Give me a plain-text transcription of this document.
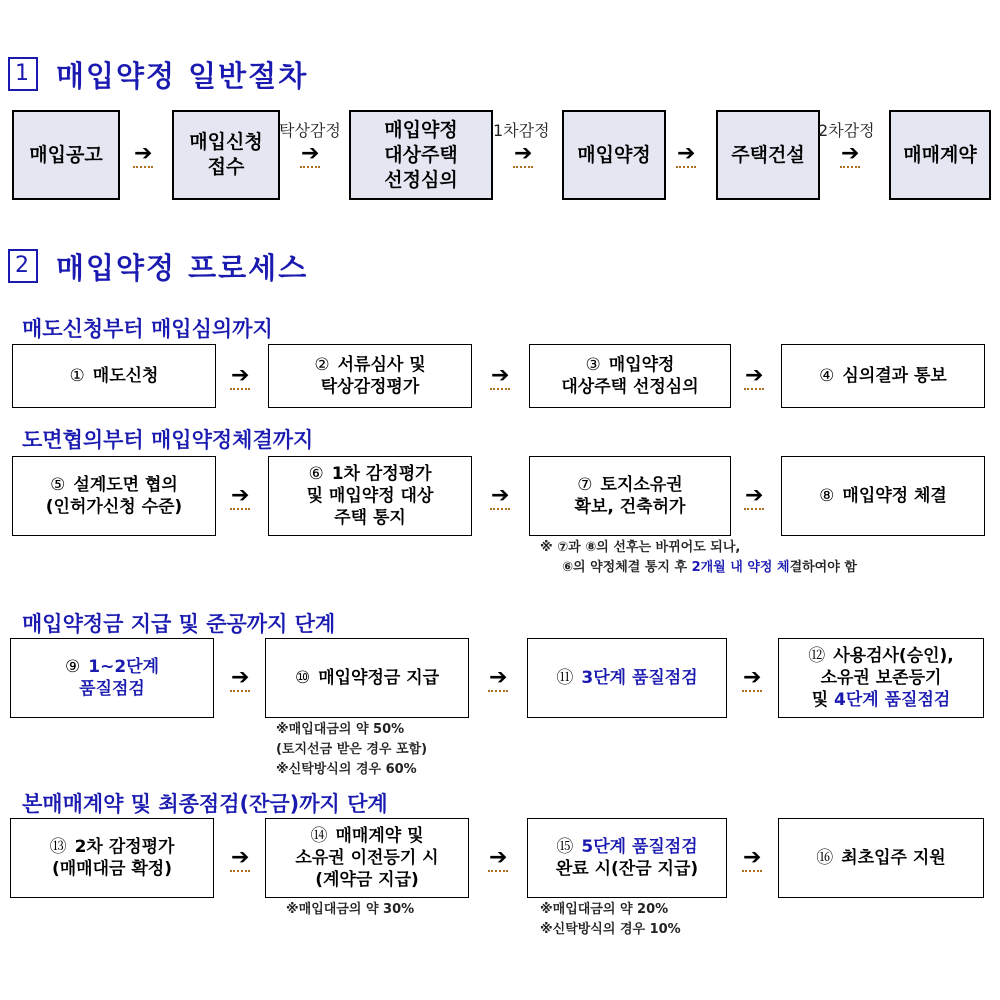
1 매입약정 일반절차
매입공고 ➔ 매입신청
접수
탁상감정
➔
매입약정
대상주택
선정심의
1차감정
➔ 매입약정 ➔ 주택건설
2차감정
➔ 매매계약
2 매입약정 프로세스
매도신청부터 매입심의까지
① 매도신청	➔	② 서류심사 및
탁상감정평가	➔	③ 매입약정
대상주택 선정심의 ➔	④ 심의결과 통보
도면협의부터 매입약정체결까지
⑤ 설계도면 협의
(인허가신청 수준) ➔
⑥ 1차 감정평가
및 매입약정 대상
주택 통지
➔	⑦ 토지소유권
확보, 건축허가	➔	⑧ 매입약정 체결
※ ⑦과 ⑧의 선후는 바뀌어도 되나,
⑥의 약정체결 통지 후 2개월 내 약정 체결하여야 함
매입약정금 지급 및 준공까지 단계
⑨ 1~2단계
품질점검	➔	⑩ 매입약정금 지급 ➔	⑪ 3단계 품질점검 ➔
⑫ 사용검사(승인),
소유권 보존등기
및 4단계 품질점검
※매입대금의 약 50%
(토지선금 받은 경우 포함)
※신탁방식의 경우 60%
본매매계약 및 최종점검(잔금)까지 단계
⑬ 2차 감정평가
(매매대금 확정)	➔
⑭ 매매계약 및
소유권 이전등기 시
(계약금 지급)
➔	⑮ 5단계 품질점검
완료 시(잔금 지급) ➔	⑯ 최초입주 지원
※매입대금의 약 30%	※매입대금의 약 20%
※신탁방식의 경우 10%
